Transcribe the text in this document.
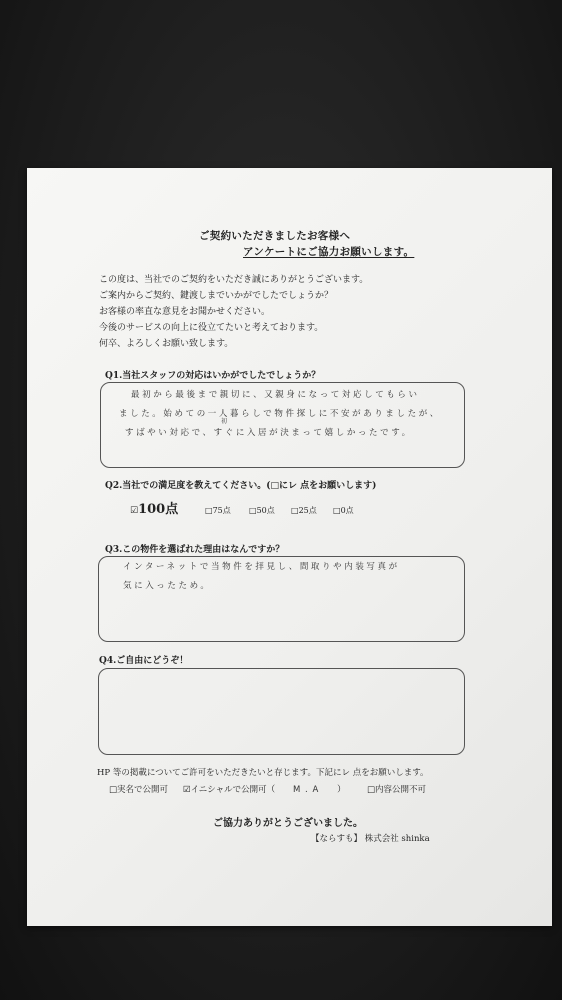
ご契約いただきましたお客様へ
アンケートにご協力お願いします。
この度は、当社でのご契約をいただき誠にありがとうございます。
ご案内からご契約、鍵渡しまでいかがでしたでしょうか？
お客様の率直な意見をお聞かせください。
今後のサービスの向上に役立てたいと考えております。
何卒、よろしくお願い致します。
Q1.当社スタッフの対応はいかがでしたでしょうか？
最初から最後まで親切に、又親身になって対応してもらい
ました。始めての一人暮らしで物件探しに不安がありましたが、
初
すばやい対応で、すぐに入居が決まって嬉しかったです。
Q2.当社での満足度を教えてください。(□にレ 点をお願いします)
☑100点	□75点 □50点 □25点 □0点
Q3.この物件を選ばれた理由はなんですか？
インターネットで当物件を拝見し、間取りや内装写真が
気に入ったため。
Q4.ご自由にどうぞ！
HP 等の掲載についてご許可をいただきたいと存じます。下記にレ 点をお願いします。
□実名で公開可 ☑イニシャルで公開可（ M . A ）	□内容公開不可
ご協力ありがとうございました。
【ならすも】 株式会社 shinka
